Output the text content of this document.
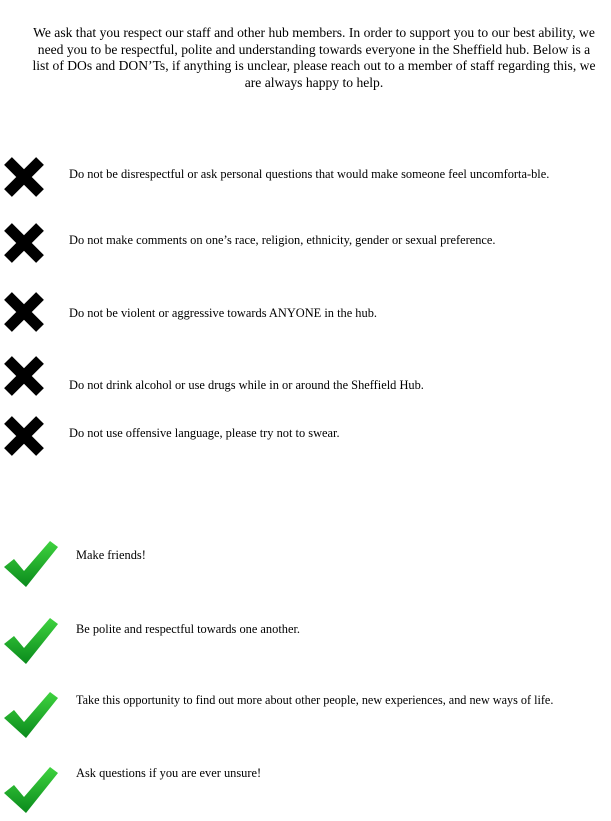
We ask that you respect our staff and other hub members. In order to support you to our best ability, we need you to be respectful, polite and understanding towards everyone in the Sheffield hub. Below is a list of DOs and DON’Ts, if anything is unclear, please reach out to a member of staff regarding this, we are always happy to help.

Do not be disrespectful or ask personal questions that would make someone feel uncomforta-ble.

Do not make comments on one’s race, religion, ethnicity, gender or sexual preference.

Do not be violent or aggressive towards ANYONE in the hub.

Do not drink alcohol or use drugs while in or around the Sheffield Hub.

Do not use offensive language, please try not to swear.

Make friends!

Be polite and respectful towards one another.

Take this opportunity to find out more about other people, new experiences, and new ways of life.

Ask questions if you are ever unsure!
